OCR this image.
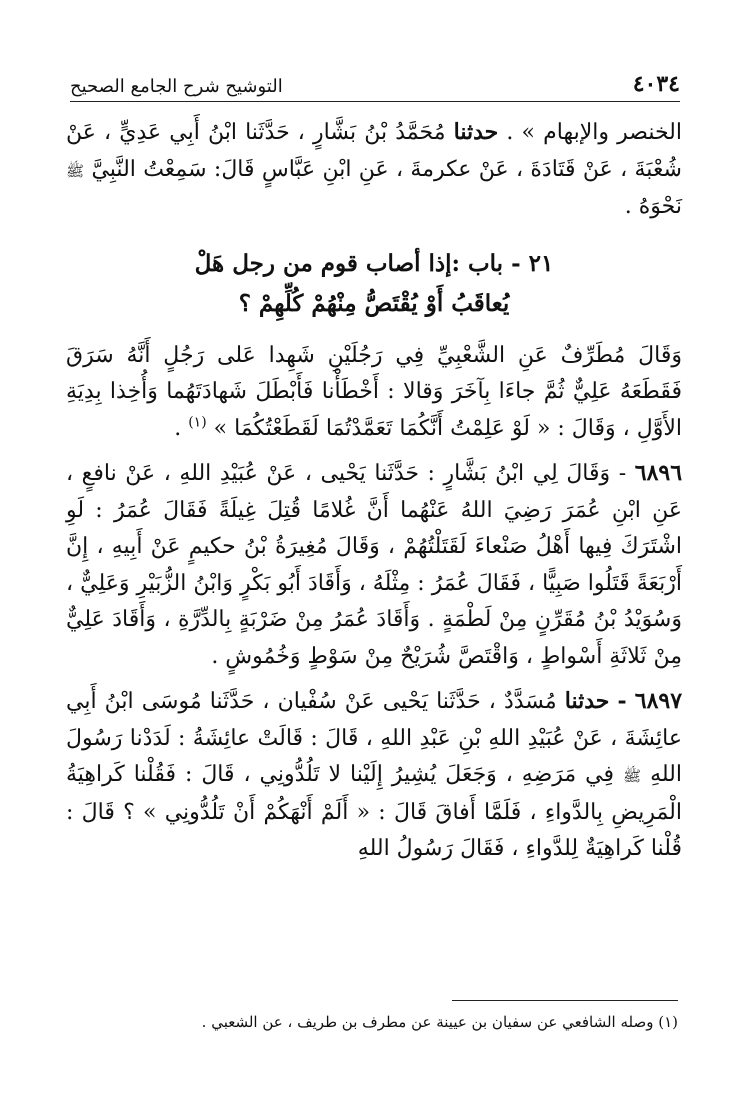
٤٠٣٤
التوشيح شرح الجامع الصحيح

الخنصر والإبهام » . حدثنا مُحَمَّدُ بْنُ بَشَّارٍ ، حَدَّثَنا ابْنُ أَبِي عَدِيٍّ ، عَنْ شُعْبَةَ ، عَنْ قَتَادَةَ ، عَنْ عكرمةَ ، عَنِ ابْنِ عَبَّاسٍ قَالَ: سَمِعْتُ النَّبِيَّ ﷺ نَحْوَهُ .

٢١ - باب :إذا أصاب قوم من رجل هَلْ
يُعاقَبُ أَوْ يُقْتَصُّ مِنْهُمْ كُلِّهِمْ ؟

وَقَالَ مُطَرِّفٌ عَنِ الشَّعْبِيِّ فِي رَجُلَيْنِ شَهِدا عَلى رَجُلٍ أَنَّهُ سَرَقَ فَقَطَعَهُ عَلِيٌّ ثُمَّ جاءَا بِآخَرَ وَقالا : أَخْطَأْنا فَأَبْطَلَ شَهادَتَهُما وَأُخِذا بِدِيَةِ الأَوَّلِ ، وَقَالَ : « لَوْ عَلِمْتُ أَنَّكُمَا تَعَمَّدْتُمَا لَقَطَعْتُكُمَا » $^{(١)}$ .

٦٨٩٦ - وَقَالَ لِي ابْنُ بَشَّارٍ : حَدَّثَنا يَحْيى ، عَنْ عُبَيْدِ اللهِ ، عَنْ نافعٍ ، عَنِ ابْنِ عُمَرَ رَضِيَ اللهُ عَنْهُما أَنَّ غُلامًا قُتِلَ غِيلَةً فَقَالَ عُمَرُ : لَوِ اشْتَرَكَ فِيها أَهْلُ صَنْعاءَ لَقَتَلْتُهُمْ ، وَقَالَ مُغِيرَةُ بْنُ حكيمٍ عَنْ أَبِيهِ ، إِنَّ أَرْبَعَةً قَتَلُوا صَبِيًّا ، فَقَالَ عُمَرُ : مِثْلَهُ ، وَأَقَادَ أَبُو بَكْرٍ وَابْنُ الزُّبَيْرِ وَعَلِيٌّ ، وَسُوَيْدُ بْنُ مُقَرِّنٍ مِنْ لَطْمَةٍ . وَأَقَادَ عُمَرُ مِنْ ضَرْبَةٍ بِالدِّرَّةِ ، وَأَقَادَ عَلِيٌّ مِنْ ثَلاثَةِ أَسْواطٍ ، وَاقْتَصَّ شُرَيْحٌ مِنْ سَوْطٍ وَخُمُوشٍ .

٦٨٩٧ - حدثنا مُسَدَّدٌ ، حَدَّثَنا يَحْيى عَنْ سُفْيان ، حَدَّثَنا مُوسَى ابْنُ أَبِي عائِشَةَ ، عَنْ عُبَيْدِ اللهِ بْنِ عَبْدِ اللهِ ، قَالَ : قَالَتْ عائِشَةُ : لَدَدْنا رَسُولَ اللهِ ﷺ فِي مَرَضِهِ ، وَجَعَلَ يُشِيرُ إِلَيْنا لا تَلُدُّونِي ، قَالَ : فَقُلْنا كَراهِيَةُ الْمَرِيضِ بِالدَّواءِ ، فَلَمَّا أَفاقَ قَالَ : « أَلَمْ أَنْهَكُمْ أَنْ تَلُدُّونِي » ؟ قَالَ : قُلْنا كَراهِيَةٌ لِلدَّواءِ ، فَقَالَ رَسُولُ اللهِ

(١) وصله الشافعي عن سفيان بن عيينة عن مطرف بن طريف ، عن الشعبي .
